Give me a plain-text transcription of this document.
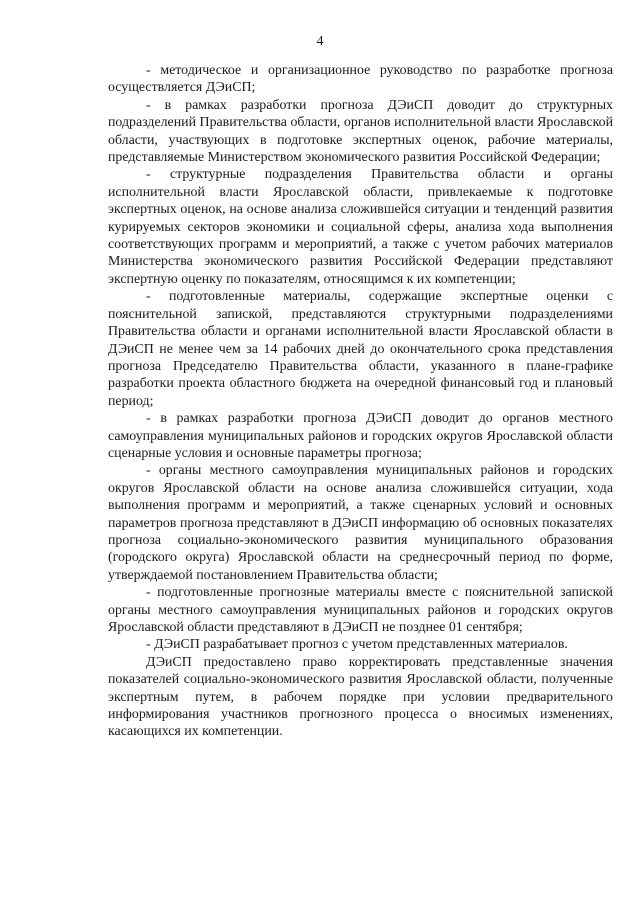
4

- методическое и организационное руководство по разработке прогноза осуществляется ДЭиСП;

- в рамках разработки прогноза ДЭиСП доводит до структурных подразделений Правительства области, органов исполнительной власти Ярославской области, участвующих в подготовке экспертных оценок, рабочие материалы, представляемые Министерством экономического развития Российской Федерации;

- структурные подразделения Правительства области и органы исполнительной власти Ярославской области, привлекаемые к подготовке экспертных оценок, на основе анализа сложившейся ситуации и тенденций развития курируемых секторов экономики и социальной сферы, анализа хода выполнения соответствующих программ и мероприятий, а также с учетом рабочих материалов Министерства экономического развития Российской Федерации представляют экспертную оценку по показателям, относящимся к их компетенции;

- подготовленные материалы, содержащие экспертные оценки с пояснительной запиской, представляются структурными подразделениями Правительства области и органами исполнительной власти Ярославской области в ДЭиСП не менее чем за 14 рабочих дней до окончательного срока представления прогноза Председателю Правительства области, указанного в плане-графике разработки проекта областного бюджета на очередной финансовый год и плановый период;

- в рамках разработки прогноза ДЭиСП доводит до органов местного самоуправления муниципальных районов и городских округов Ярославской области сценарные условия и основные параметры прогноза;

- органы местного самоуправления муниципальных районов и городских округов Ярославской области на основе анализа сложившейся ситуации, хода выполнения программ и мероприятий, а также сценарных условий и основных параметров прогноза представляют в ДЭиСП информацию об основных показателях прогноза социально-экономического развития муниципального образования (городского округа) Ярославской области на среднесрочный период по форме, утверждаемой постановлением Правительства области;

- подготовленные прогнозные материалы вместе с пояснительной запиской органы местного самоуправления муниципальных районов и городских округов Ярославской области представляют в ДЭиСП не позднее 01 сентября;

- ДЭиСП разрабатывает прогноз с учетом представленных материалов.

ДЭиСП предоставлено право корректировать представленные значения показателей социально-экономического развития Ярославской области, полученные экспертным путем, в рабочем порядке при условии предварительного информирования участников прогнозного процесса о вносимых изменениях, касающихся их компетенции.
